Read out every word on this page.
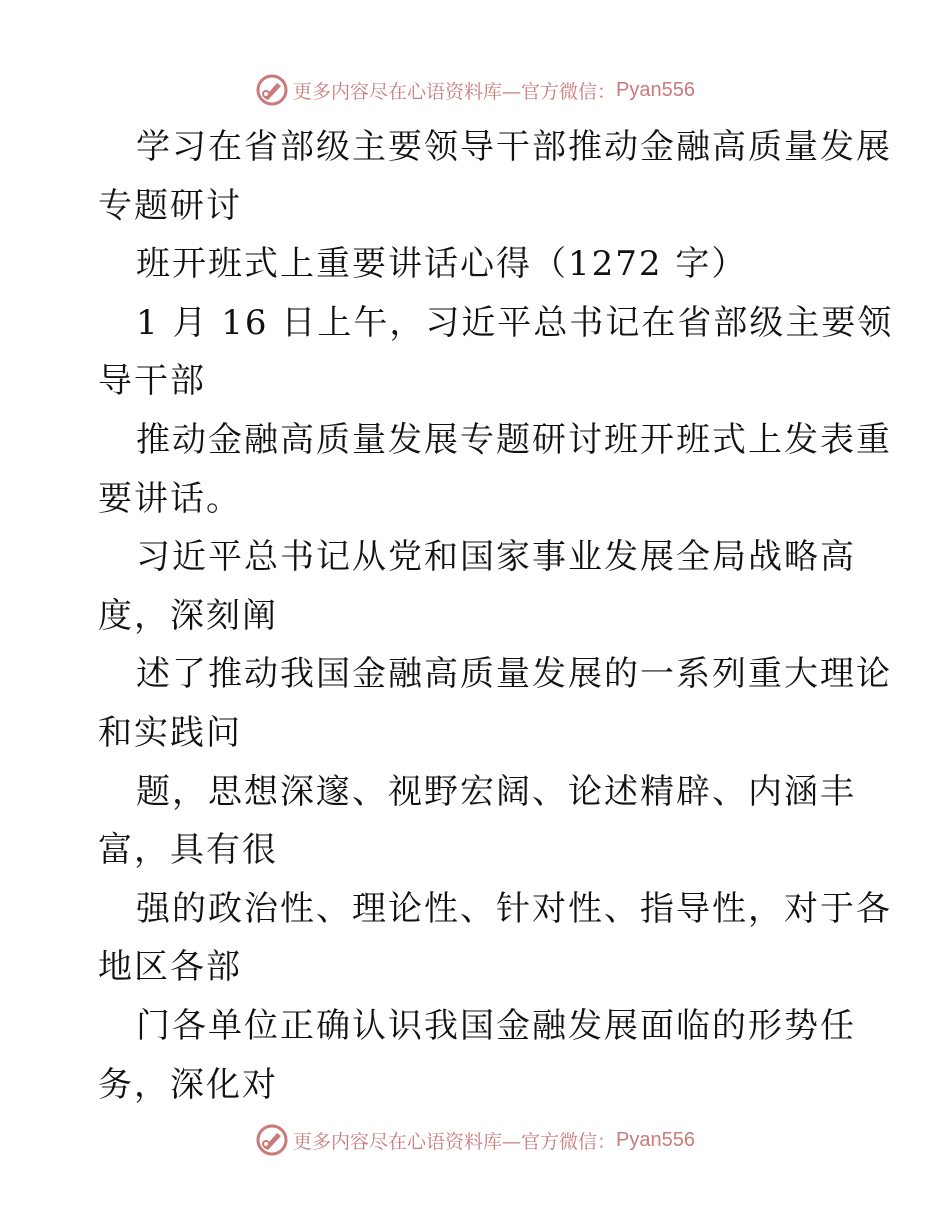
更多内容尽在心语资料库—官方微信： Pyan556
学习在省部级主要领导干部推动金融高质量发展
专题研讨
班开班式上重要讲话心得（1272 字）
1 月 16 日上午，习近平总书记在省部级主要领
导干部
推动金融高质量发展专题研讨班开班式上发表重
要讲话。
习近平总书记从党和国家事业发展全局战略高
度，深刻阐
述了推动我国金融高质量发展的一系列重大理论
和实践问
题，思想深邃、视野宏阔、论述精辟、内涵丰
富，具有很
强的政治性、理论性、针对性、指导性，对于各
地区各部
门各单位正确认识我国金融发展面临的形势任
务，深化对
更多内容尽在心语资料库—官方微信： Pyan556
